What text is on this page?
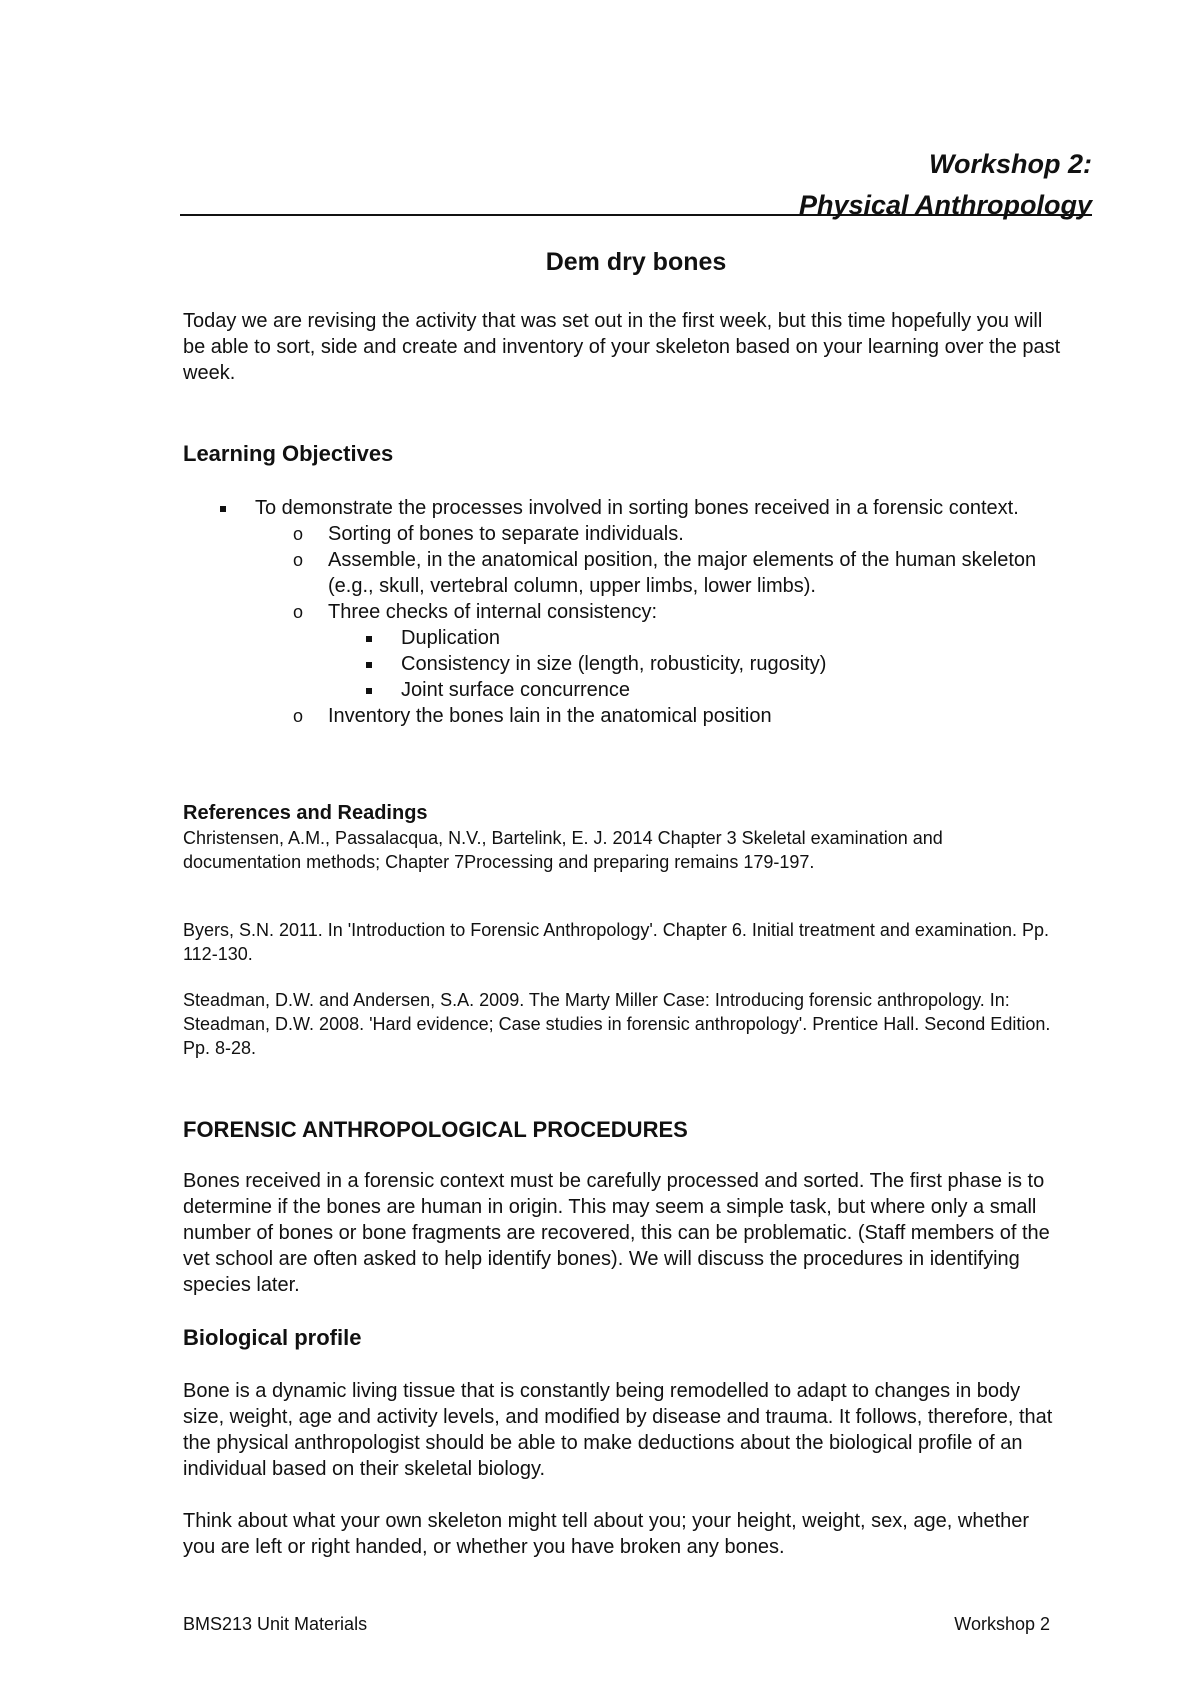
Workshop 2:
Physical Anthropology
Dem dry bones
Today we are revising the activity that was set out in the first week, but this time hopefully you will be able to sort, side and create and inventory of your skeleton based on your learning over the past week.
Learning Objectives
To demonstrate the processes involved in sorting bones received in a forensic context.
o Sorting of bones to separate individuals.
o Assemble, in the anatomical position, the major elements of the human skeleton (e.g., skull, vertebral column, upper limbs, lower limbs).
o Three checks of internal consistency:
Duplication
Consistency in size (length, robusticity, rugosity)
Joint surface concurrence
o Inventory the bones lain in the anatomical position
References and Readings
Christensen, A.M., Passalacqua, N.V., Bartelink, E. J. 2014 Chapter 3 Skeletal examination and documentation methods; Chapter 7Processing and preparing remains 179-197.
Byers, S.N. 2011. In 'Introduction to Forensic Anthropology'. Chapter 6. Initial treatment and examination. Pp. 112-130.
Steadman, D.W. and Andersen, S.A. 2009. The Marty Miller Case: Introducing forensic anthropology. In: Steadman, D.W. 2008. 'Hard evidence; Case studies in forensic anthropology'. Prentice Hall. Second Edition. Pp. 8-28.
FORENSIC ANTHROPOLOGICAL PROCEDURES
Bones received in a forensic context must be carefully processed and sorted. The first phase is to determine if the bones are human in origin. This may seem a simple task, but where only a small number of bones or bone fragments are recovered, this can be problematic. (Staff members of the vet school are often asked to help identify bones). We will discuss the procedures in identifying species later.
Biological profile
Bone is a dynamic living tissue that is constantly being remodelled to adapt to changes in body size, weight, age and activity levels, and modified by disease and trauma. It follows, therefore, that the physical anthropologist should be able to make deductions about the biological profile of an individual based on their skeletal biology.
Think about what your own skeleton might tell about you; your height, weight, sex, age, whether you are left or right handed, or whether you have broken any bones.
BMS213 Unit Materials	Workshop 2
